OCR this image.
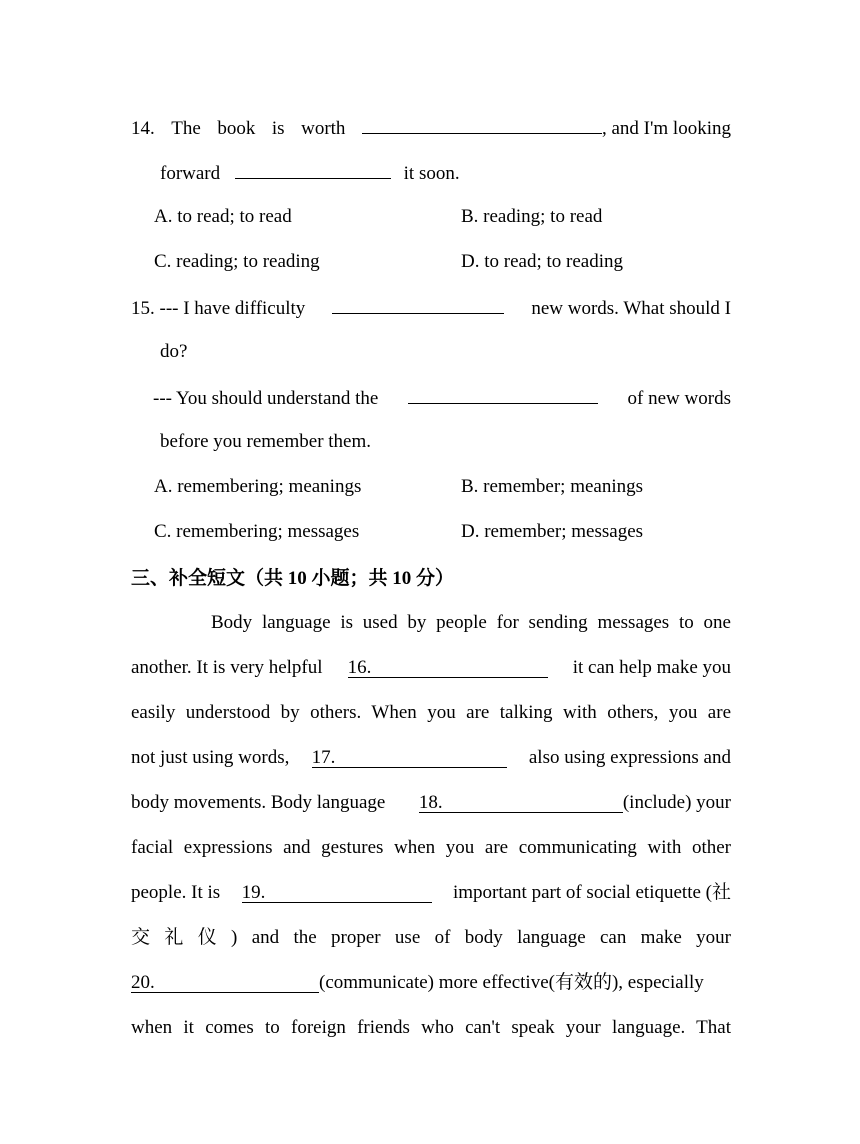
14. The book is worth	, and I'm looking
forward	it soon.
A. to read; to read	B. reading; to read
C. reading; to reading	D. to read; to reading
15. --- I have difficulty	new words. What should I
do?
--- You should understand the	of new words
before you remember them.
A. remembering; meanings	B. remember; meanings
C. remembering; messages	D. remember; messages
三、补全短文（共 10 小题；共 10 分）
Body language is used by people for sending messages to one
another. It is very helpful 16.	it can help make you
easily understood by others. When you are talking with others, you are
not just using words, 17.	also using expressions and
body movements. Body language 18.	(include) your
facial expressions and gestures when you are communicating with other
people. It is 19.	important part of social etiquette (社
交 礼 仪 ) and the proper use of body language can make your
20.	(communicate) more effective(有效的), especially
when it comes to foreign friends who can't speak your language. That
